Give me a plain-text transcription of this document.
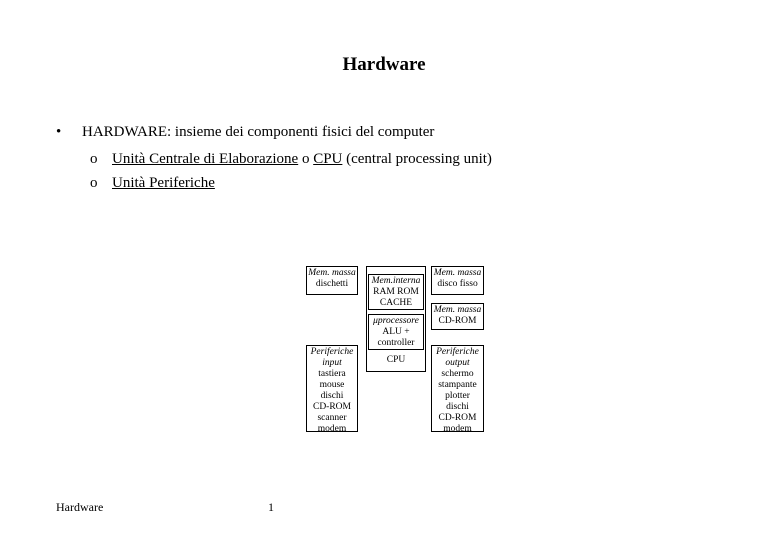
Hardware
• HARDWARE: insieme dei componenti fisici del computer
o Unità Centrale di Elaborazione o CPU (central processing unit)
o Unità Periferiche
Mem. massa
dischetti
Periferiche
input
tastiera
mouse
dischi
CD-ROM
scanner
modem
CPU
Mem.interna
RAM ROM
CACHE
μprocessore
ALU +
controller
Mem. massa
disco fisso
Mem. massa
CD-ROM
Periferiche
output
schermo
stampante
plotter
dischi
CD-ROM
modem
Hardware	1
